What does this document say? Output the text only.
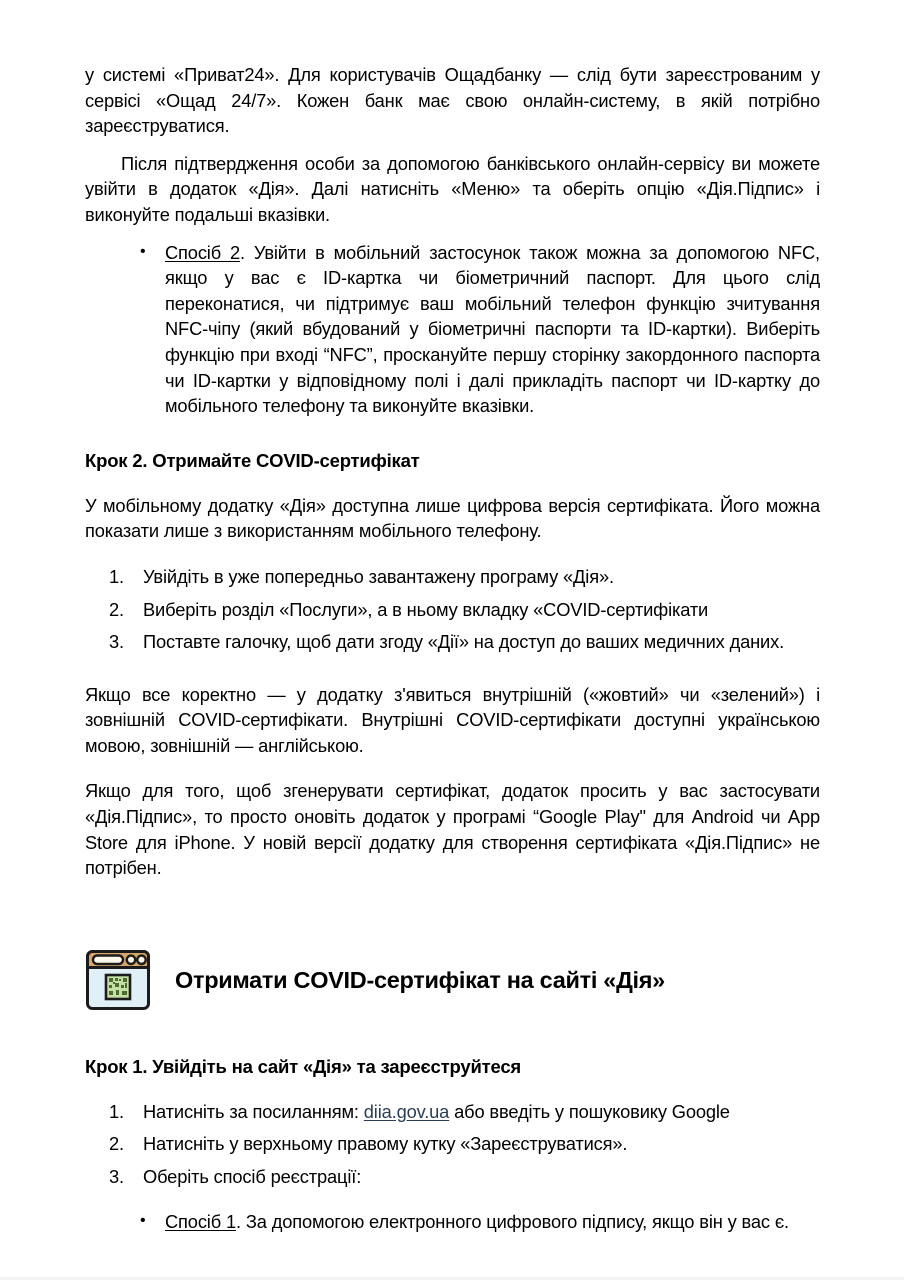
у системі «Приват24». Для користувачів Ощадбанку — слід бути зареєстрованим у сервісі «Ощад 24/7». Кожен банк має свою онлайн-систему, в якій потрібно зареєструватися.

Після підтвердження особи за допомогою банківського онлайн-сервісу ви можете увійти в додаток «Дія». Далі натисніть «Меню» та оберіть опцію «Дія.Підпис» і виконуйте подальші вказівки.

• Спосіб 2. Увійти в мобільний застосунок також можна за допомогою NFC, якщо у вас є ID-картка чи біометричний паспорт. Для цього слід переконатися, чи підтримує ваш мобільний телефон функцію зчитування NFC-чіпу (який вбудований у біометричні паспорти та ID-картки). Виберіть функцію при вході “NFC”, проскануйте першу сторінку закордонного паспорта чи ID-картки у відповідному полі і далі прикладіть паспорт чи ID-картку до мобільного телефону та виконуйте вказівки.
Крок 2. Отримайте COVID-сертифікат

У мобільному додатку «Дія» доступна лише цифрова версія сертифіката. Його можна показати лише з використанням мобільного телефону.

1.	Увійдіть в уже попередньо завантажену програму «Дія».
2.	Виберіть розділ «Послуги», а в ньому вкладку «COVID-сертифікати
3.	Поставте галочку, щоб дати згоду «Дії» на доступ до ваших медичних даних.

Якщо все коректно — у додатку з'явиться внутрішній («жовтий» чи «зелений») і зовнішній COVID-сертифікати. Внутрішні COVID-сертифікати доступні українською мовою, зовнішній — англійською.

Якщо для того, щоб згенерувати сертифікат, додаток просить у вас застосувати «Дія.Підпис», то просто оновіть додаток у програмі “Google Play" для Android чи App Store для iPhone. У новій версії додатку для створення сертифіката «Дія.Підпис» не потрібен.

Отримати COVID-сертифікат на сайті «Дія»
Крок 1. Увійдіть на сайт «Дія» та зареєструйтеся
1.	Натисніть за посиланням: diia.gov.ua або введіть у пошуковику Google
2.	Натисніть у верхньому правому кутку «Зареєструватися».
3.	Оберіть спосіб реєстрації:
• Спосіб 1. За допомогою електронного цифрового підпису, якщо він у вас є.
